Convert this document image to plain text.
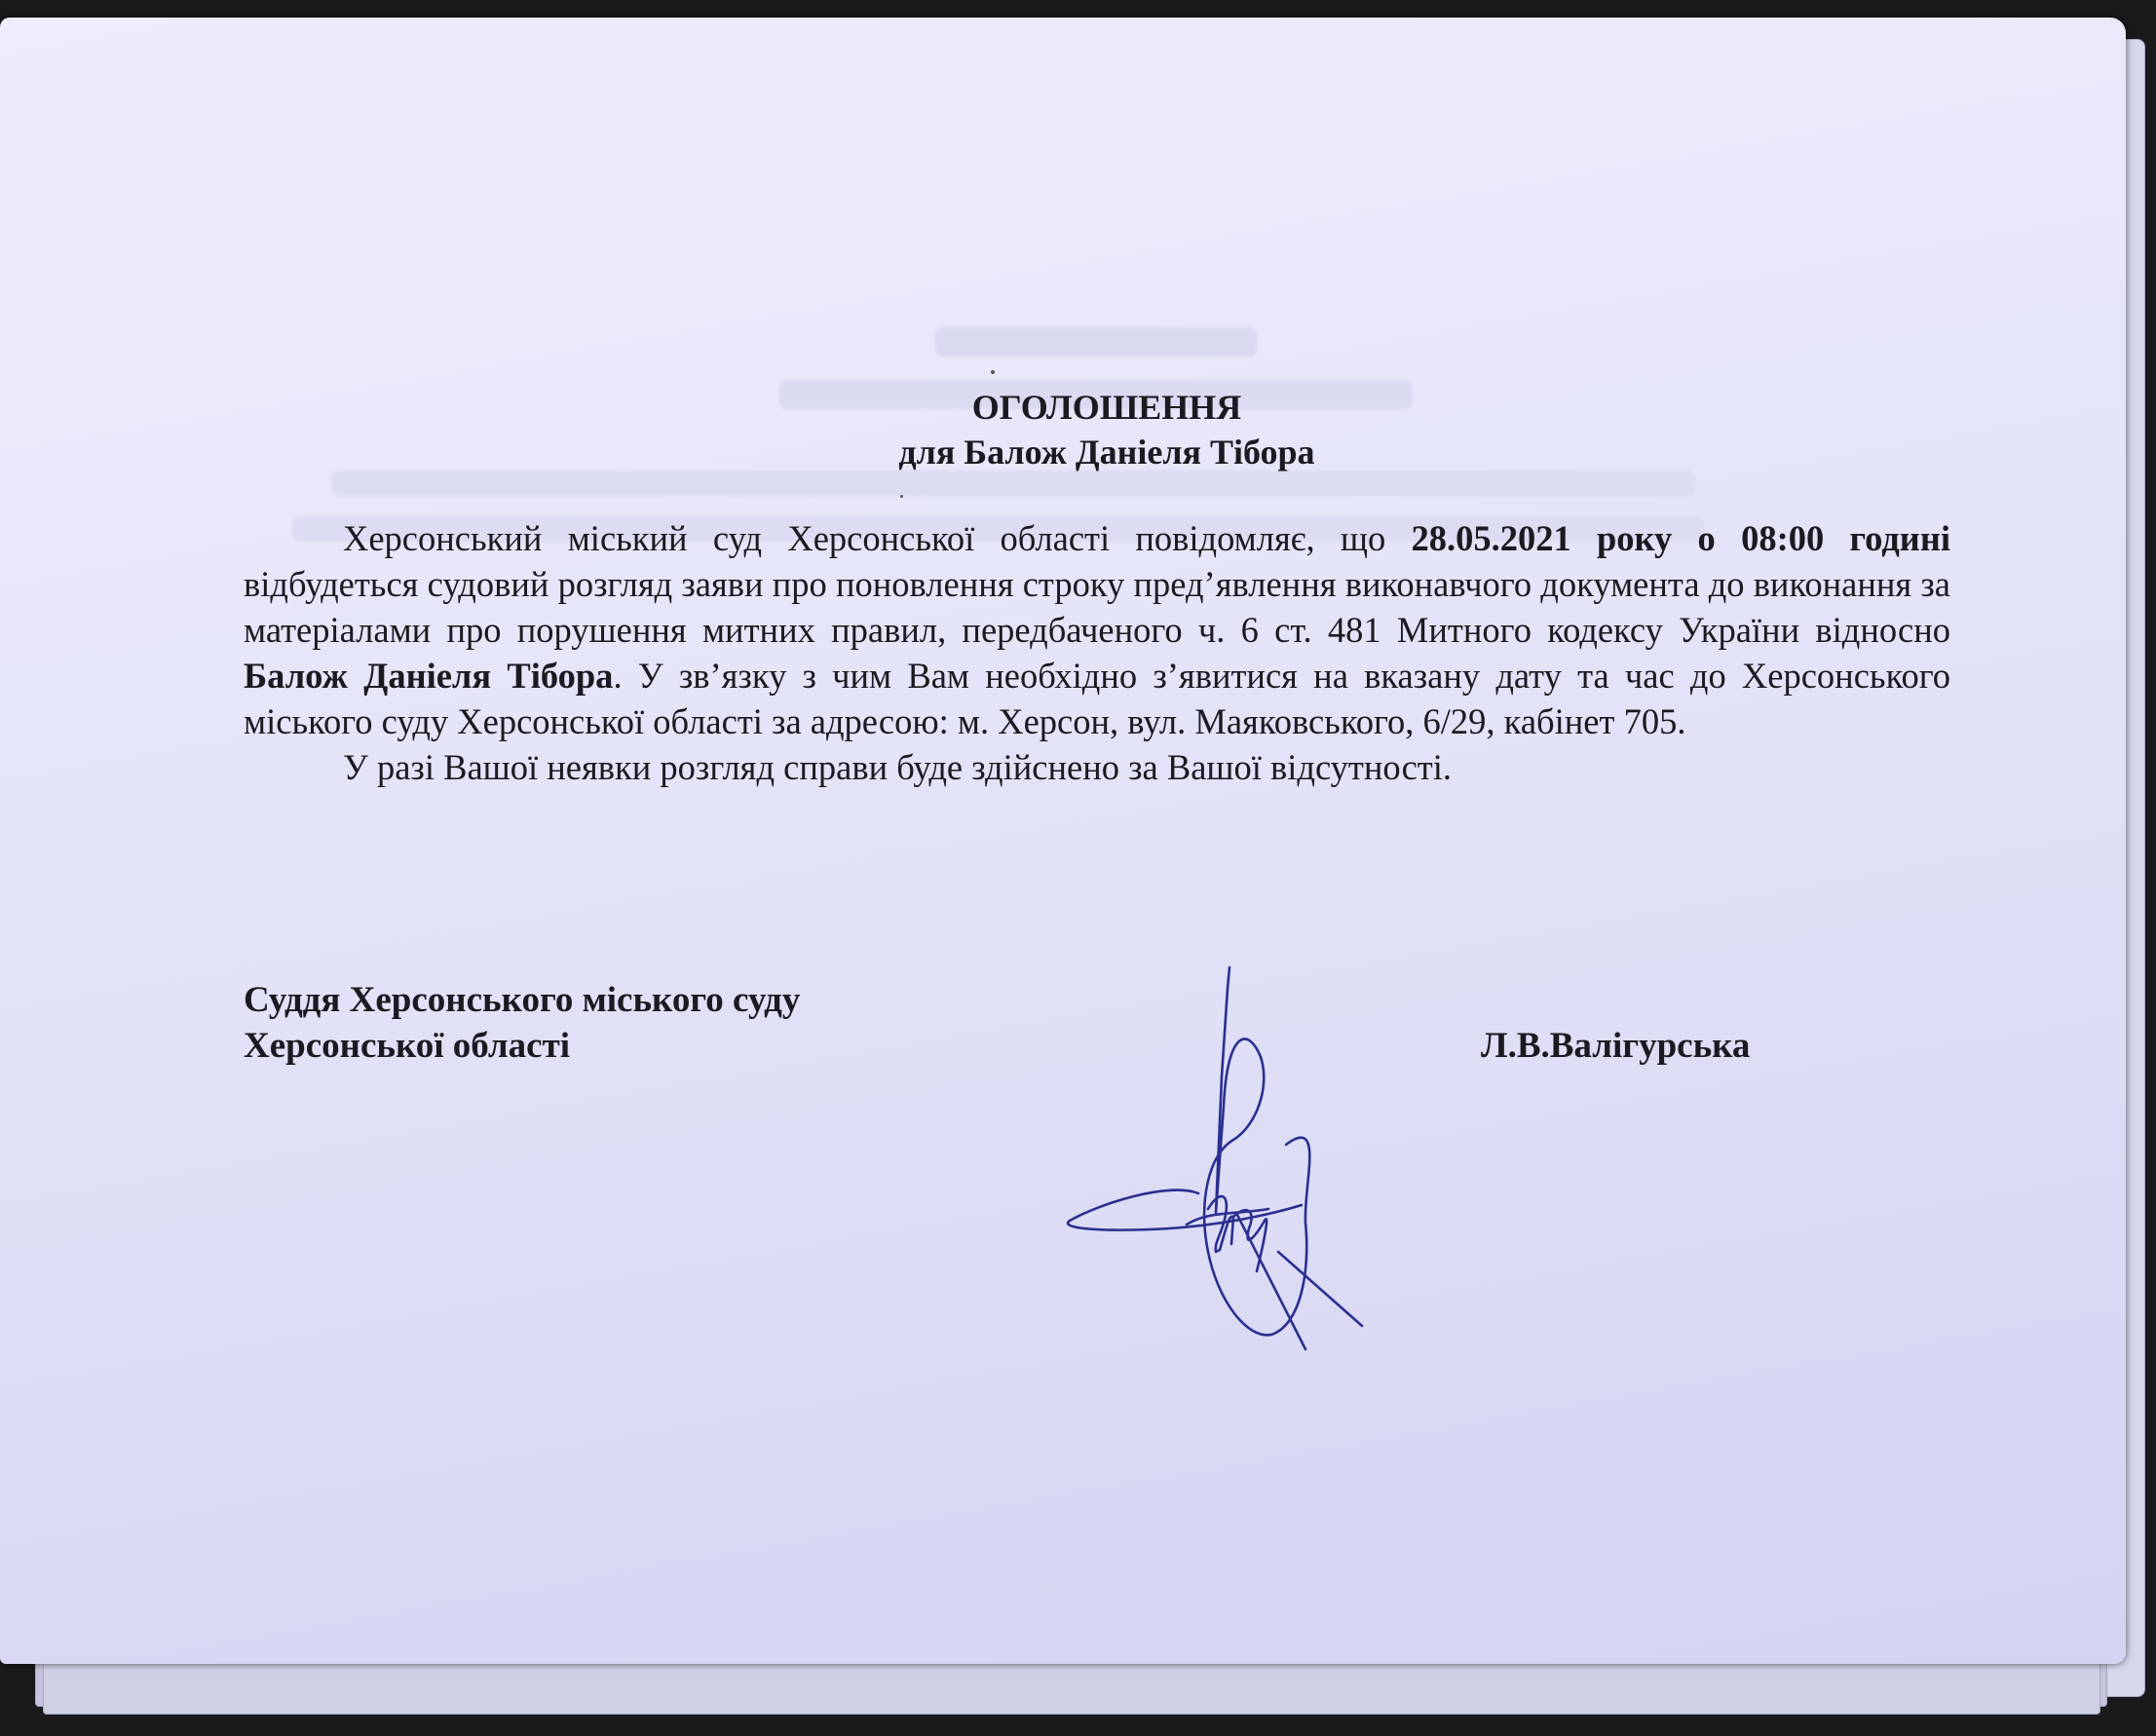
ОГОЛОШЕННЯ

для Балож Даніеля Тібора

Херсонський міський суд Херсонської області повідомляє, що 28.05.2021 року о 08:00 годині відбудеться судовий розгляд заяви про поновлення строку пред’явлення виконавчого документа до виконання за матеріалами про порушення митних правил, передбаченого ч. 6 ст. 481 Митного кодексу України відносно Балож Даніеля Тібора. У зв’язку з чим Вам необхідно з’явитися на вказану дату та час до Херсонського міського суду Херсонської області за адресою: м. Херсон, вул. Маяковського, 6/29, кабінет 705.

У разі Вашої неявки розгляд справи буде здійснено за Вашої відсутності.

Суддя Херсонського міського суду
Херсонської області	Л.В.Валігурська
